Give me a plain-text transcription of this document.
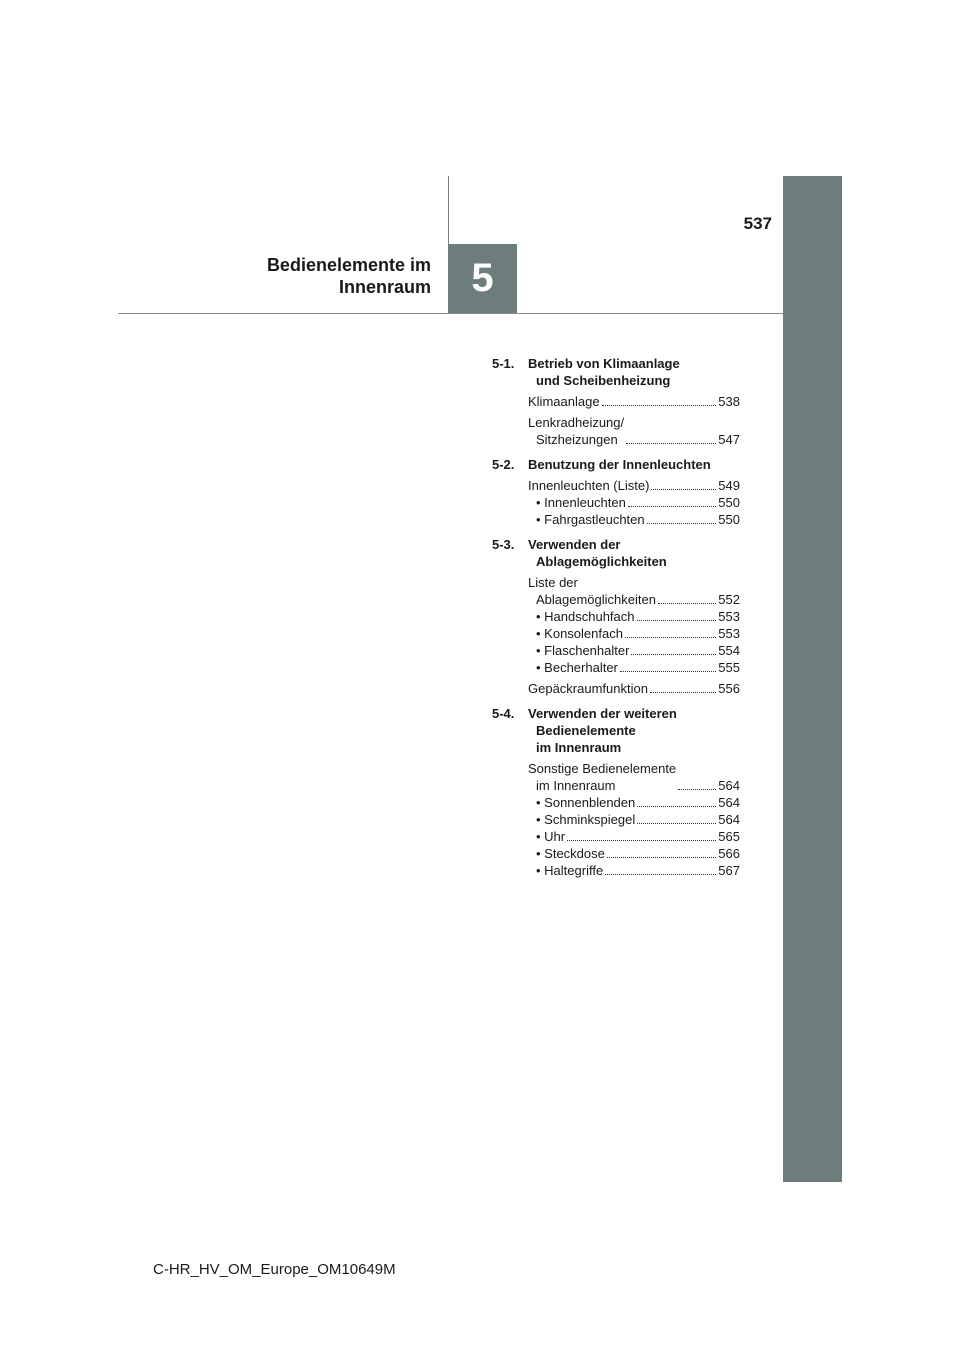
5
537
Bedienelemente im
Innenraum
5-1. Betrieb von Klimaanlage
und Scheibenheizung
Klimaanlage	538
Lenkradheizung/
Sitzheizungen	547
5-2. Benutzung der Innenleuchten
Innenleuchten (Liste)	549
• Innenleuchten	550
• Fahrgastleuchten	550
5-3. Verwenden der
Ablagemöglichkeiten
Liste der
Ablagemöglichkeiten	552
• Handschuhfach	553
• Konsolenfach	553
• Flaschenhalter	554
• Becherhalter	555
Gepäckraumfunktion	556
5-4. Verwenden der weiteren
Bedienelemente
im Innenraum
Sonstige Bedienelemente
im Innenraum	564
• Sonnenblenden	564
• Schminkspiegel	564
• Uhr	565
• Steckdose	566
• Haltegriffe	567
C-HR_HV_OM_Europe_OM10649M
